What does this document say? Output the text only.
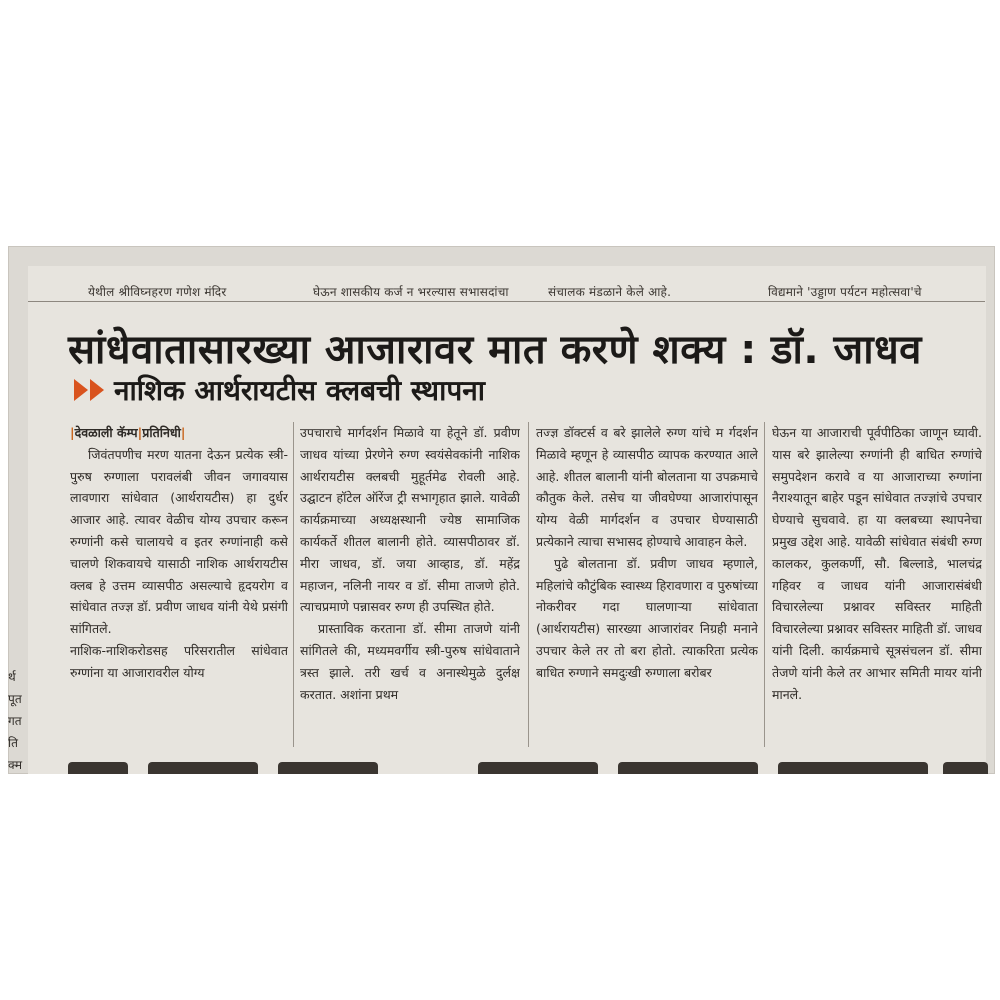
येथील श्रीविघ्नहरण गणेश मंदिर	घेऊन शासकीय कर्ज न भरल्यास सभासदांचा	संचालक मंडळाने केले आहे.	विद्यमाने 'उड्डाण पर्यटन महोत्सवा'चे
सांधेवातासारख्या आजारावर मात करणे शक्य : डॉ. जाधव
नाशिक आर्थरायटीस क्लबची स्थापना

|देवळाली कॅम्प|प्रतिनिधी|

जिवंतपणीच मरण यातना देऊन प्रत्येक स्त्री-पुरुष रुग्णाला परावलंबी जीवन जगावयास लावणारा सांधेवात (आर्थरायटीस) हा दुर्धर आजार आहे. त्यावर वेळीच योग्य उपचार करून रुग्णांनी कसे चालायचे व इतर रुग्णांनाही कसे चालणे शिकवायचे यासाठी नाशिक आर्थरायटीस क्लब हे उत्तम व्यासपीठ असल्याचे हृदयरोग व सांधेवात तज्ज्ञ डॉ. प्रवीण जाधव यांनी येथे प्रसंगी सांगितले.

नाशिक-नाशिकरोडसह परिसरातील सांधेवात रुग्णांना या आजारावरील योग्य

उपचाराचे मार्गदर्शन मिळावे या हेतूने डॉ. प्रवीण जाधव यांच्या प्रेरणेने रुग्ण स्वयंसेवकांनी नाशिक आर्थरायटीस क्लबची मुहूर्तमेढ रोवली आहे. उद्घाटन हॉटेल ऑरेंज ट्री सभागृहात झाले. यावेळी कार्यक्रमाच्या अध्यक्षस्थानी ज्येष्ठ सामाजिक कार्यकर्ते शीतल बालानी होते. व्यासपीठावर डॉ. मीरा जाधव, डॉ. जया आव्हाड, डॉ. महेंद्र महाजन, नलिनी नायर व डॉ. सीमा ताजणे होते. त्याचप्रमाणे पन्नासवर रुग्ण ही उपस्थित होते.

प्रास्ताविक करताना डॉ. सीमा ताजणे यांनी सांगितले की, मध्यमवर्गीय स्त्री-पुरुष सांधेवाताने त्रस्त झाले. तरी खर्च व अनास्थेमुळे दुर्लक्ष करतात. अशांना प्रथम

तज्ज्ञ डॉक्टर्स व बरे झालेले रुग्ण यांचे म र्गदर्शन मिळावे म्हणून हे व्यासपीठ व्यापक करण्यात आले आहे. शीतल बालानी यांनी बोलताना या उपक्रमाचे कौतुक केले. तसेच या जीवघेण्या आजारांपासून योग्य वेळी मार्गदर्शन व उपचार घेण्यासाठी प्रत्येकाने त्याचा सभासद होण्याचे आवाहन केले.

पुढे बोलताना डॉ. प्रवीण जाधव म्हणाले, महिलांचे कौटुंबिक स्वास्थ्य हिरावणारा व पुरुषांच्या नोकरीवर गदा घालणाऱ्या सांधेवाता (आर्थरायटीस) सारख्या आजारांवर निग्रही मनाने उपचार केले तर तो बरा होतो. त्याकरिता प्रत्येक बाधित रुग्णाने समदुःखी रुग्णाला बरोबर

घेऊन या आजाराची पूर्वपीठिका जाणून घ्यावी. यास बरे झालेल्या रुग्णांनी ही बाधित रुग्णांचे समुपदेशन करावे व या आजाराच्या रुग्णांना नैराश्यातून बाहेर पडून सांधेवात तज्ज्ञांचे उपचार घेण्याचे सुचवावे. हा या क्लबच्या स्थापनेचा प्रमुख उद्देश आहे. यावेळी सांधेवात संबंधी रुग्ण कालकर, कुलकर्णी, सौ. बिल्लाडे, भालचंद्र गहिवर व जाधव यांनी आजारासंबंधी विचारलेल्या प्रश्नावर सविस्तर माहिती विचारलेल्या प्रश्नावर सविस्तर माहिती डॉ. जाधव यांनी दिली. कार्यक्रमाचे सूत्रसंचलन डॉ. सीमा तेजणे यांनी केले तर आभार समिती मायर यांनी मानले.

र्थ
पूत
गत
ति
क्म
